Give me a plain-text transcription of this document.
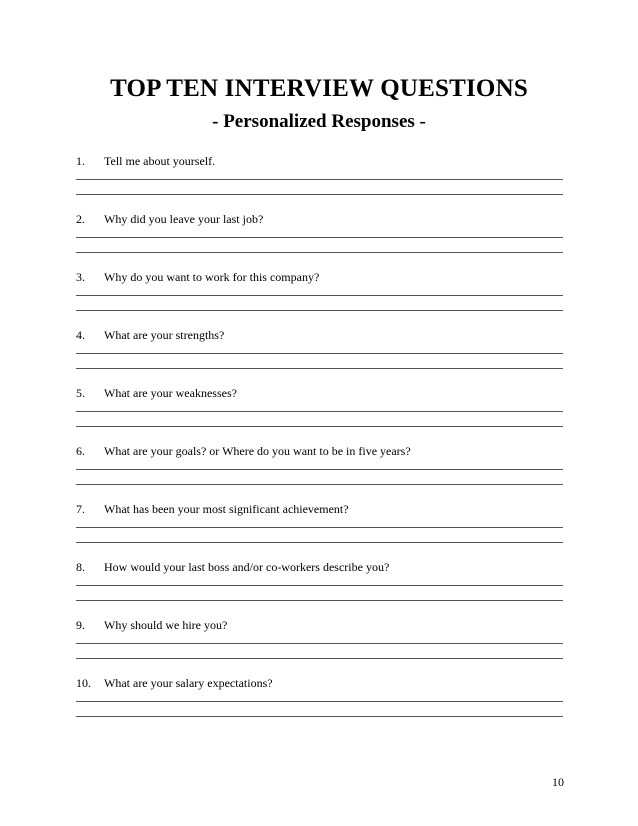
TOP TEN INTERVIEW QUESTIONS
- Personalized Responses -
1. Tell me about yourself.
2. Why did you leave your last job?
3. Why do you want to work for this company?
4. What are your strengths?
5. What are your weaknesses?
6. What are your goals? or Where do you want to be in five years?
7. What has been your most significant achievement?
8. How would your last boss and/or co-workers describe you?
9. Why should we hire you?
10. What are your salary expectations?
10
